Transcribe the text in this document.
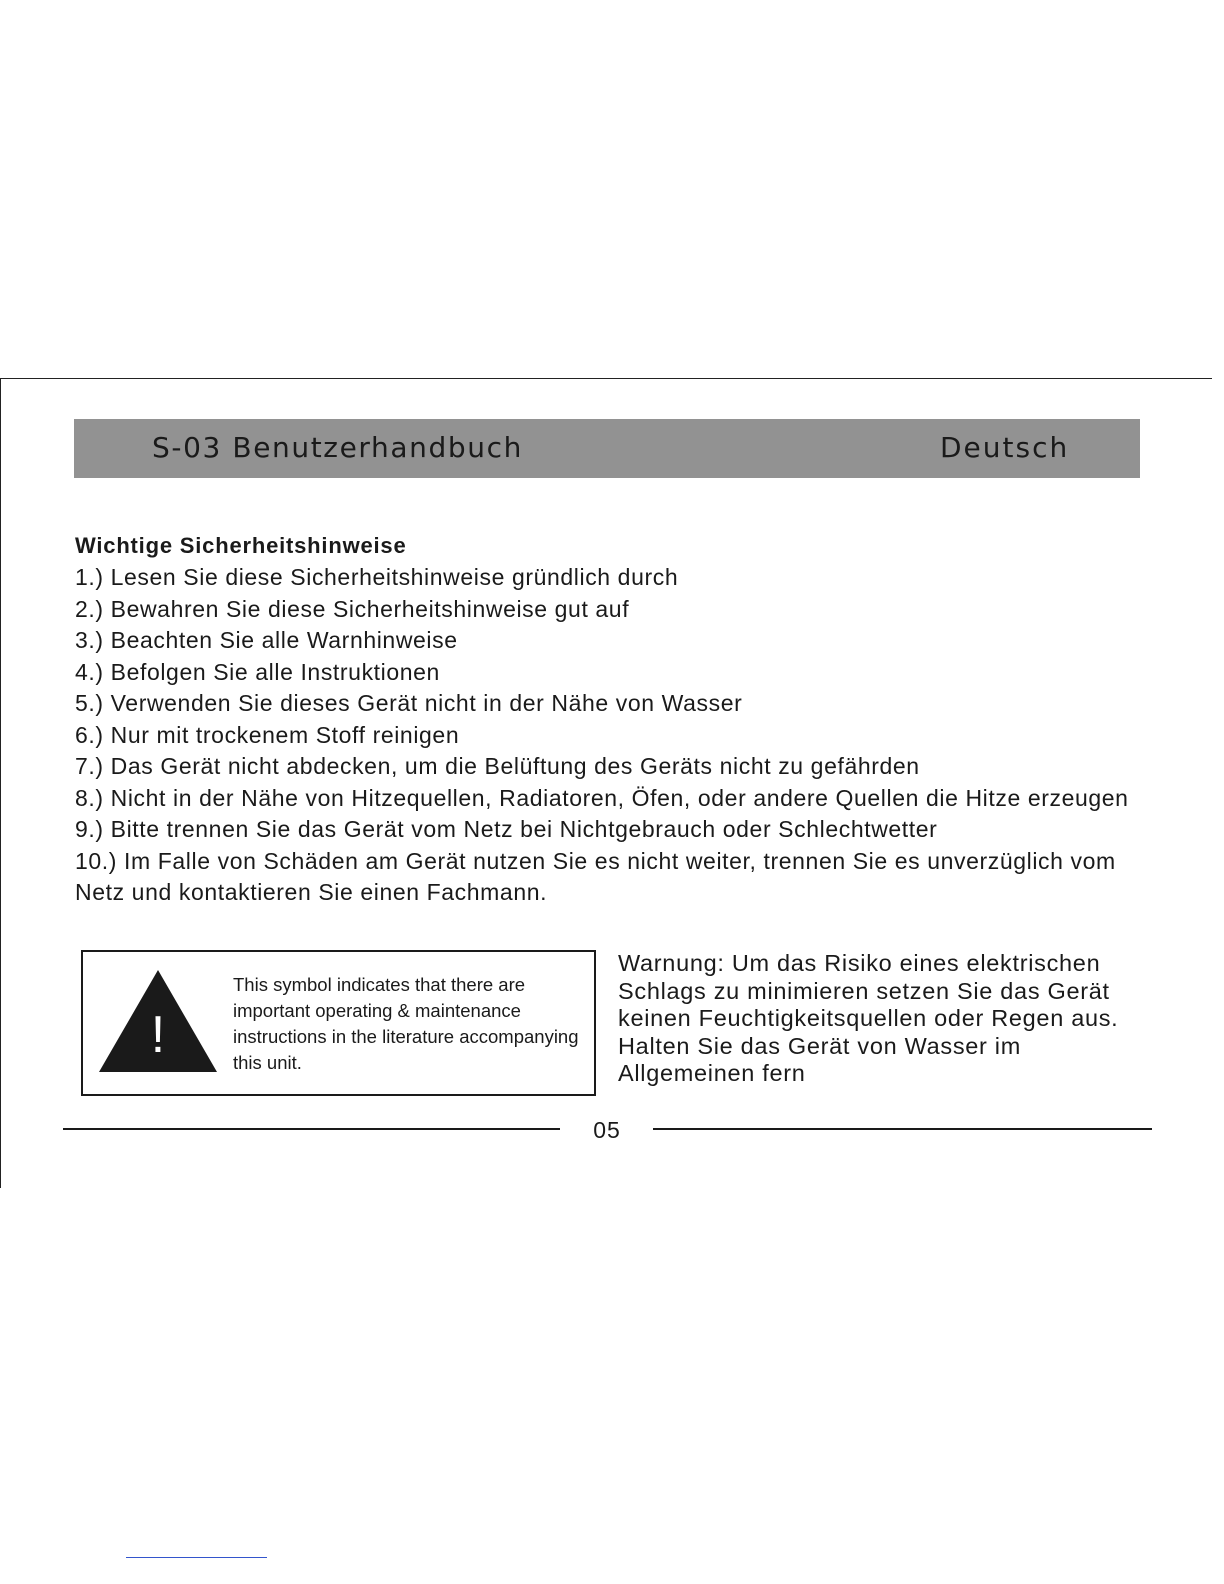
S-03 Benutzerhandbuch	Deutsch
Wichtige Sicherheitshinweise
1.) Lesen Sie diese Sicherheitshinweise gründlich durch
2.) Bewahren Sie diese Sicherheitshinweise gut auf
3.) Beachten Sie alle Warnhinweise
4.) Befolgen Sie alle Instruktionen
5.) Verwenden Sie dieses Gerät nicht in der Nähe von Wasser
6.) Nur mit trockenem Stoff reinigen
7.) Das Gerät nicht abdecken, um die Belüftung des Geräts nicht zu gefährden
8.) Nicht in der Nähe von Hitzequellen, Radiatoren, Öfen, oder andere Quellen die Hitze erzeugen
9.) Bitte trennen Sie das Gerät vom Netz bei Nichtgebrauch oder Schlechtwetter
10.) Im Falle von Schäden am Gerät nutzen Sie es nicht weiter, trennen Sie es unverzüglich vom Netz und kontaktieren Sie einen Fachmann.
!
This symbol indicates that there are important operating & maintenance instructions in the literature accompanying this unit.
Warnung: Um das Risiko eines elektrischen Schlags zu minimieren setzen Sie das Gerät keinen Feuchtigkeitsquellen oder Regen aus. Halten Sie das Gerät von Wasser im Allgemeinen fern
05
